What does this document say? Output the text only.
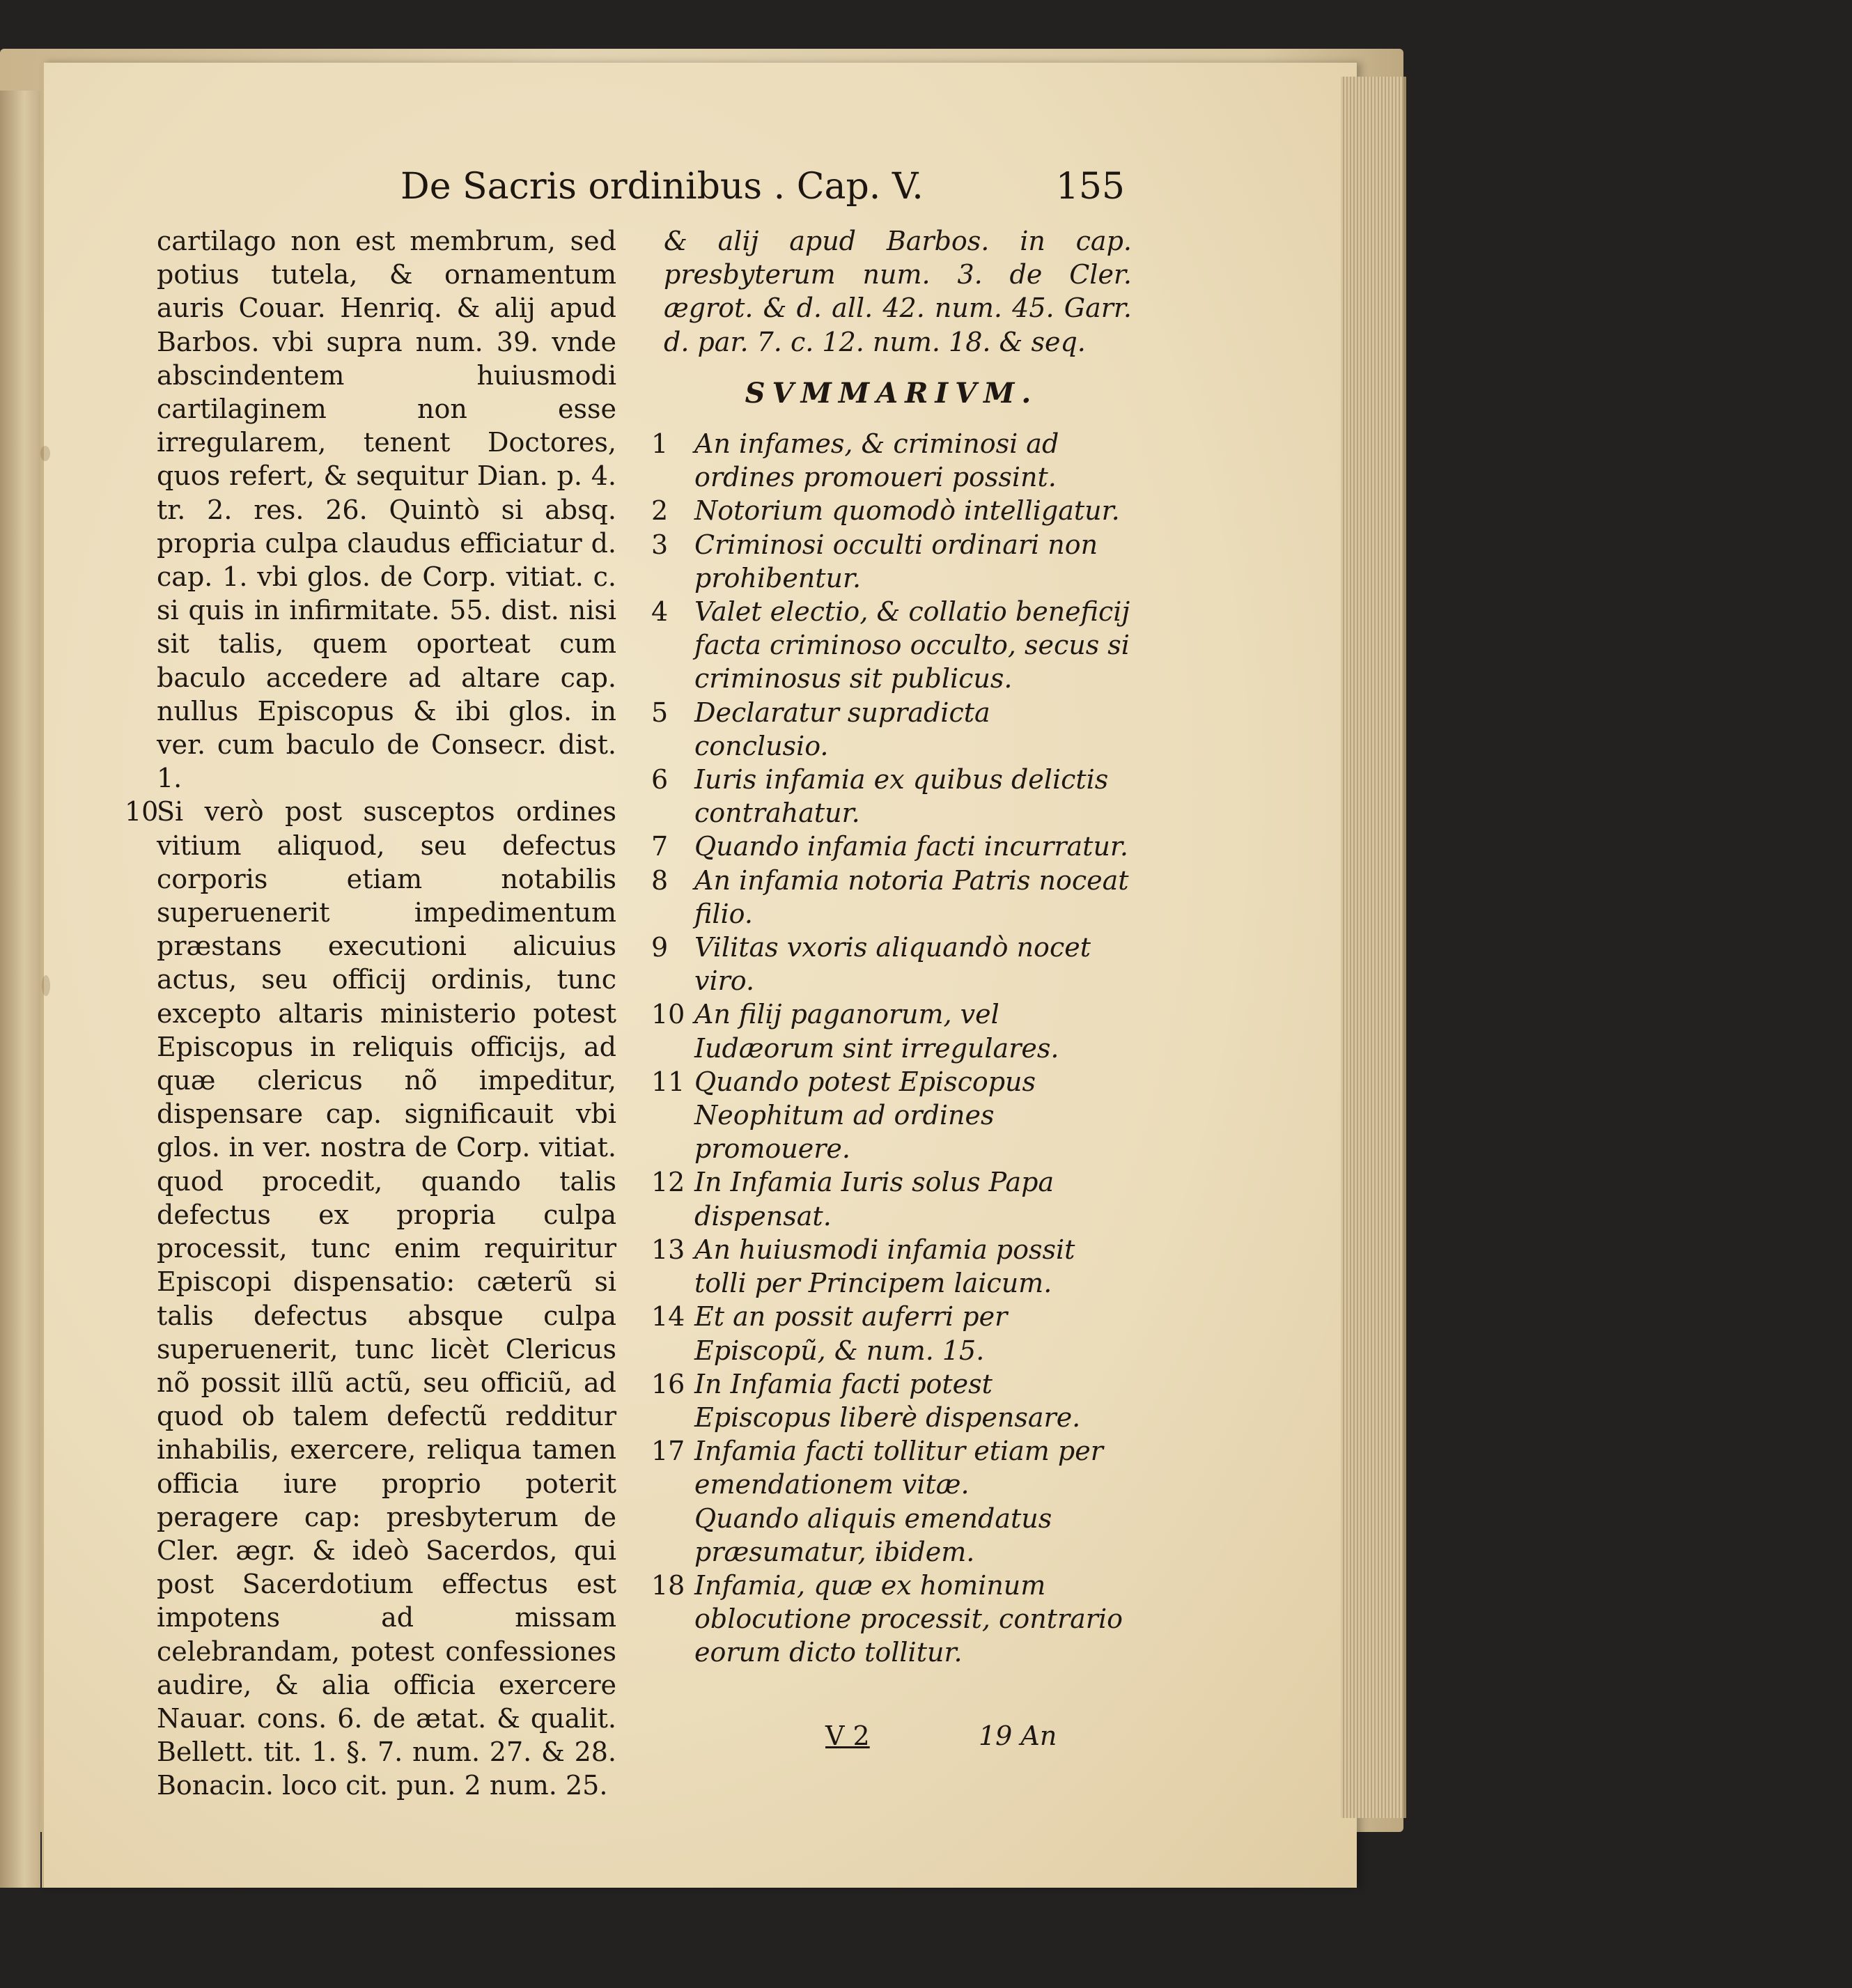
De Sacris ordinibus . Cap. V.	155

cartilago non est membrum, sed potius tutela, & ornamentum auris Couar. Henriq. & alij apud Barbos. vbi supra num. 39. vnde abscindentem huiusmodi cartilaginem non esse irregularem, tenent Doctores, quos refert, & sequitur Dian. p. 4. tr. 2. res. 26. Quintò si absq. propria culpa claudus efficiatur d. cap. 1. vbi glos. de Corp. vitiat. c. si quis in infirmitate. 55. dist. nisi sit talis, quem oporteat cum baculo accedere ad altare cap. nullus Episcopus & ibi glos. in ver. cum baculo de Consecr. dist. 1.

10
Si verò post susceptos ordines vitium aliquod, seu defectus corporis etiam notabilis superuenerit impedimentum præstans executioni alicuius actus, seu officij ordinis, tunc excepto altaris ministerio potest Episcopus in reliquis officijs, ad quæ clericus nõ impeditur, dispensare cap. significauit vbi glos. in ver. nostra de Corp. vitiat. quod procedit, quando talis defectus ex propria culpa processit, tunc enim requiritur Episcopi dispensatio: cæterũ si talis defectus absque culpa superuenerit, tunc licèt Clericus nõ possit illũ actũ, seu officiũ, ad quod ob talem defectũ redditur inhabilis, exercere, reliqua tamen officia iure proprio poterit peragere cap: presbyterum de Cler. ægr. & ideò Sacerdos, qui post Sacerdotium effectus est impotens ad missam celebrandam, potest confessiones audire, & alia officia exercere Nauar. cons. 6. de ætat. & qualit. Bellett. tit. 1. §. 7. num. 27. & 28. Bonacin. loco cit. pun. 2 num. 25.

& alij apud Barbos. in cap. presbyterum num. 3. de Cler. ægrot. & d. all. 42. num. 45. Garr. d. par. 7. c. 12. num. 18. & seq.

SVMMARIVM.
1 An infames, & criminosi ad ordines promoueri possint.
2 Notorium quomodò intelligatur.
3 Criminosi occulti ordinari non prohibentur.
4 Valet electio, & collatio beneficij facta criminoso occulto, secus si criminosus sit publicus.
5 Declaratur supradicta conclusio.
6 Iuris infamia ex quibus delictis contrahatur.
7 Quando infamia facti incurratur.
8 An infamia notoria Patris noceat filio.
9 Vilitas vxoris aliquandò nocet viro.
10 An filij paganorum, vel Iudæorum sint irregulares.
11 Quando potest Episcopus Neophitum ad ordines promouere.
12 In Infamia Iuris solus Papa dispensat.
13 An huiusmodi infamia possit tolli per Principem laicum.
14 Et an possit auferri per Episcopũ, & num. 15.
16 In Infamia facti potest Episcopus liberè dispensare.
17 Infamia facti tollitur etiam per emendationem vitæ.
Quando aliquis emendatus præsumatur, ibidem.
18 Infamia, quæ ex hominum oblocutione processit, contrario eorum dicto tollitur.
V 2	19 An
